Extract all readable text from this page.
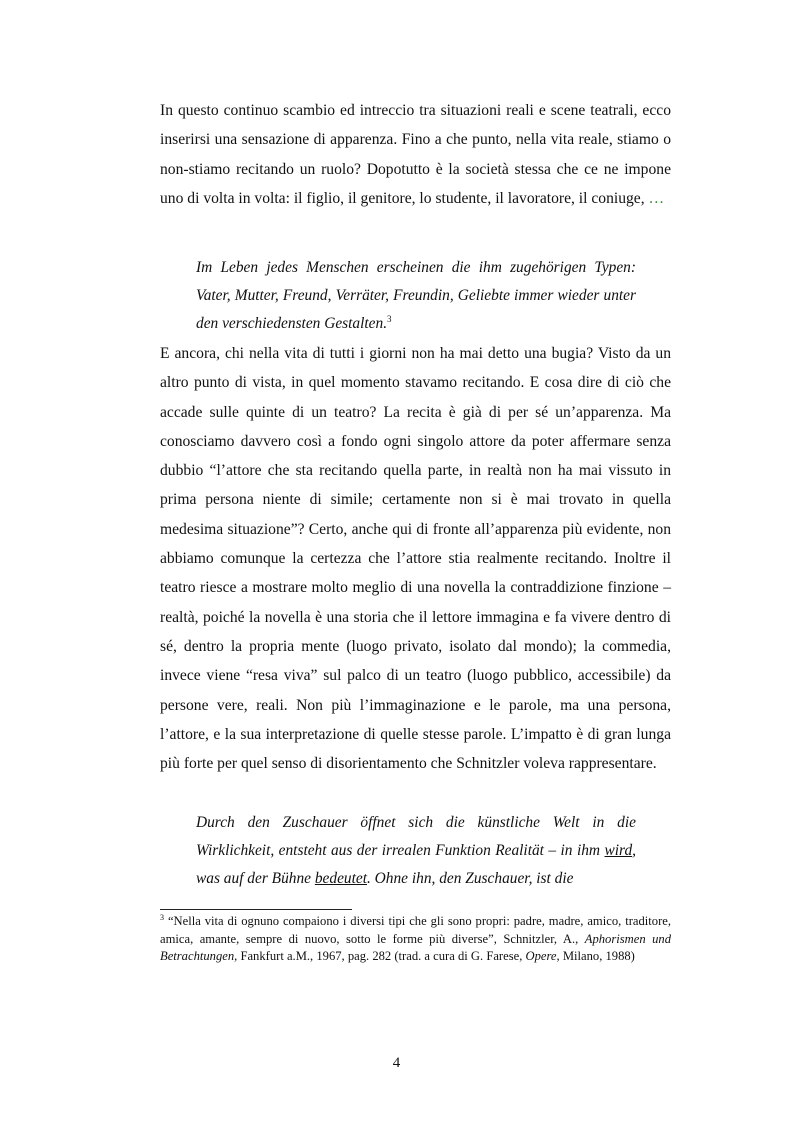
In questo continuo scambio ed intreccio tra situazioni reali e scene teatrali, ecco inserirsi una sensazione di apparenza. Fino a che punto, nella vita reale, stiamo o non-stiamo recitando un ruolo? Dopotutto è la società stessa che ce ne impone uno di volta in volta: il figlio, il genitore, lo studente, il lavoratore, il coniuge, …

Im Leben jedes Menschen erscheinen die ihm zugehörigen Typen: Vater, Mutter, Freund, Verräter, Freundin, Geliebte immer wieder unter den verschiedensten Gestalten.$^3$

E ancora, chi nella vita di tutti i giorni non ha mai detto una bugia? Visto da un altro punto di vista, in quel momento stavamo recitando. E cosa dire di ciò che accade sulle quinte di un teatro? La recita è già di per sé un’apparenza. Ma conosciamo davvero così a fondo ogni singolo attore da poter affermare senza dubbio “l’attore che sta recitando quella parte, in realtà non ha mai vissuto in prima persona niente di simile; certamente non si è mai trovato in quella medesima situazione”? Certo, anche qui di fronte all’apparenza più evidente, non abbiamo comunque la certezza che l’attore stia realmente recitando. Inoltre il teatro riesce a mostrare molto meglio di una novella la contraddizione finzione – realtà, poiché la novella è una storia che il lettore immagina e fa vivere dentro di sé, dentro la propria mente (luogo privato, isolato dal mondo); la commedia, invece viene “resa viva” sul palco di un teatro (luogo pubblico, accessibile) da persone vere, reali. Non più l’immaginazione e le parole, ma una persona, l’attore, e la sua interpretazione di quelle stesse parole. L’impatto è di gran lunga più forte per quel senso di disorientamento che Schnitzler voleva rappresentare.

Durch den Zuschauer öffnet sich die künstliche Welt in die Wirklichkeit, entsteht aus der irrealen Funktion Realität – in ihm wird, was auf der Bühne bedeutet. Ohne ihn, den Zuschauer, ist die

$^3$ “Nella vita di ognuno compaiono i diversi tipi che gli sono propri: padre, madre, amico, traditore, amica, amante, sempre di nuovo, sotto le forme più diverse”, Schnitzler, A., Aphorismen und Betrachtungen, Fankfurt a.M., 1967, pag. 282 (trad. a cura di G. Farese, Opere, Milano, 1988)

4
